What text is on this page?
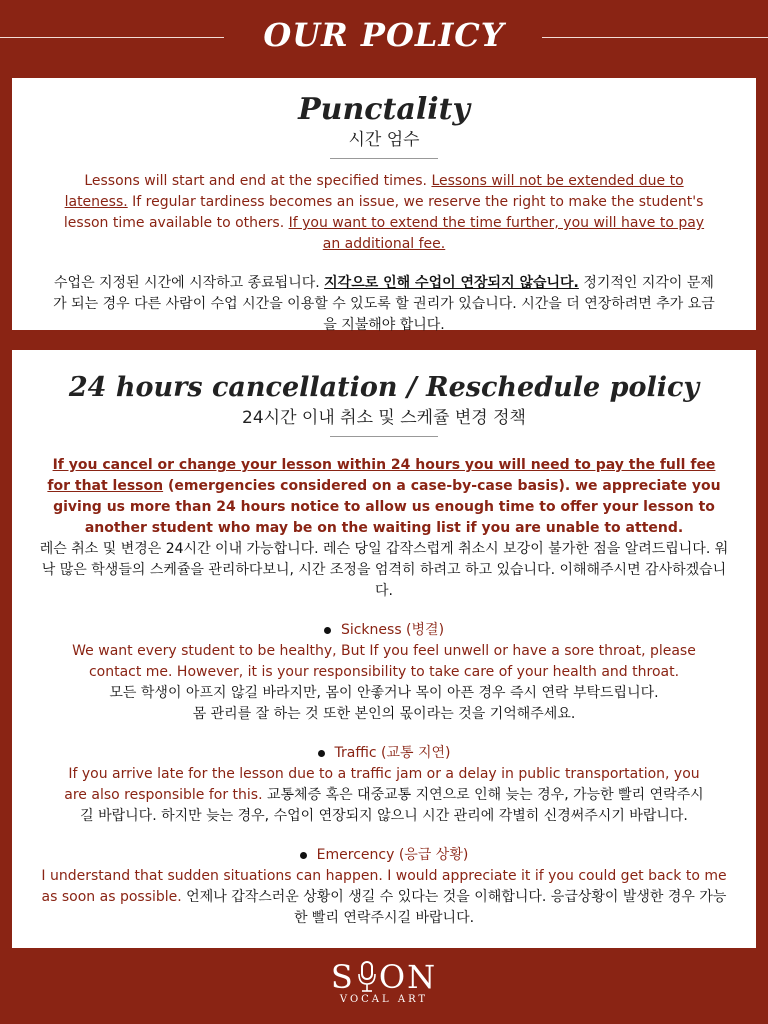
OUR POLICY
Punctality
시간 엄수

Lessons will start and end at the specified times. Lessons will not be extended due to lateness. If regular tardiness becomes an issue, we reserve the right to make the student's lesson time available to others. If you want to extend the time further, you will have to pay an additional fee.

수업은 지정된 시간에 시작하고 종료됩니다. 지각으로 인해 수업이 연장되지 않습니다. 정기적인 지각이 문제가 되는 경우 다른 사람이 수업 시간을 이용할 수 있도록 할 권리가 있습니다. 시간을 더 연장하려면 추가 요금을 지불해야 합니다.

24 hours cancellation / Reschedule policy
24시간 이내 취소 및 스케쥴 변경 정책

If you cancel or change your lesson within 24 hours you will need to pay the full fee for that lesson (emergencies considered on a case-by-case basis). we appreciate you giving us more than 24 hours notice to allow us enough time to offer your lesson to another student who may be on the waiting list if you are unable to attend.

레슨 취소 및 변경은 24시간 이내 가능합니다. 레슨 당일 갑작스럽게 취소시 보강이 불가한 점을 알려드립니다. 워낙 많은 학생들의 스케쥴을 관리하다보니, 시간 조정을 엄격히 하려고 하고 있습니다. 이해해주시면 감사하겠습니다.

Sickness (병결)

We want every student to be healthy, But If you feel unwell or have a sore throat, please contact me. However, it is your responsibility to take care of your health and throat.

모든 학생이 아프지 않길 바라지만, 몸이 안좋거나 목이 아픈 경우 즉시 연락 부탁드립니다. 몸 관리를 잘 하는 것 또한 본인의 몫이라는 것을 기억해주세요.

Traffic (교통 지연)

If you arrive late for the lesson due to a traffic jam or a delay in public transportation, you are also responsible for this. 교통체증 혹은 대중교통 지연으로 인해 늦는 경우, 가능한 빨리 연락주시길 바랍니다. 하지만 늦는 경우, 수업이 연장되지 않으니 시간 관리에 각별히 신경써주시기 바랍니다.

Emercency (응급 상황)

I understand that sudden situations can happen. I would appreciate it if you could get back to me as soon as possible. 언제나 갑작스러운 상황이 생길 수 있다는 것을 이해합니다. 응급상황이 발생한 경우 가능한 빨리 연락주시길 바랍니다.

S ON
VOCAL ART
